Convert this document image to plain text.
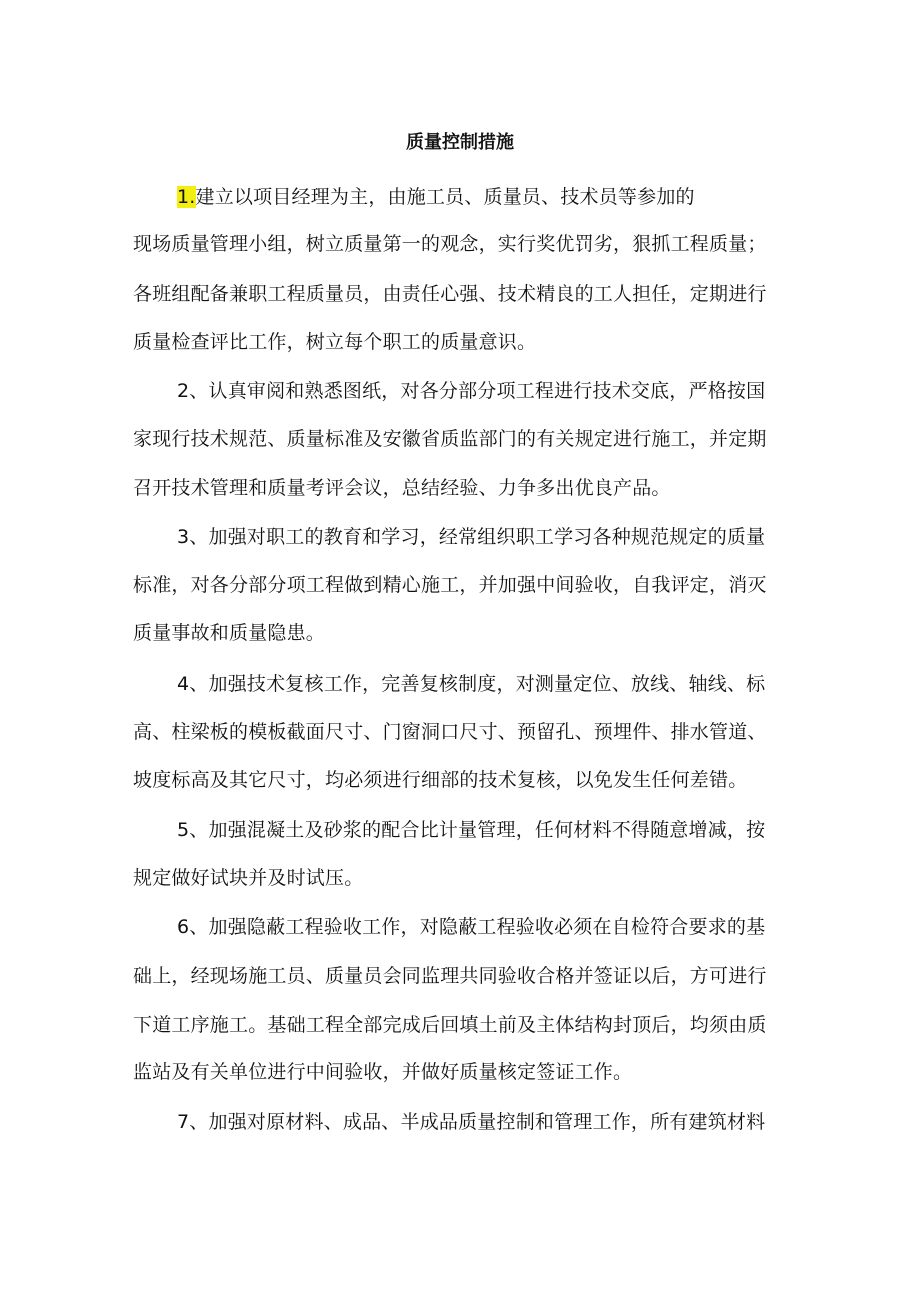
质量控制措施
1.建立以项目经理为主，由施工员、质量员、技术员等参加的
现场质量管理小组，树立质量第一的观念，实行奖优罚劣，狠抓工程质量；
各班组配备兼职工程质量员，由责任心强、技术精良的工人担任，定期进行
质量检查评比工作，树立每个职工的质量意识。
2、认真审阅和熟悉图纸，对各分部分项工程进行技术交底，严格按国
家现行技术规范、质量标准及安徽省质监部门的有关规定进行施工，并定期
召开技术管理和质量考评会议，总结经验、力争多出优良产品。
3、加强对职工的教育和学习，经常组织职工学习各种规范规定的质量
标准，对各分部分项工程做到精心施工，并加强中间验收，自我评定，消灭
质量事故和质量隐患。
4、加强技术复核工作，完善复核制度，对测量定位、放线、轴线、标
高、柱梁板的模板截面尺寸、门窗洞口尺寸、预留孔、预埋件、排水管道、
坡度标高及其它尺寸，均必须进行细部的技术复核，以免发生任何差错。
5、加强混凝土及砂浆的配合比计量管理，任何材料不得随意增减，按
规定做好试块并及时试压。
6、加强隐蔽工程验收工作，对隐蔽工程验收必须在自检符合要求的基
础上，经现场施工员、质量员会同监理共同验收合格并签证以后，方可进行
下道工序施工。基础工程全部完成后回填土前及主体结构封顶后，均须由质
监站及有关单位进行中间验收，并做好质量核定签证工作。
7、加强对原材料、成品、半成品质量控制和管理工作，所有建筑材料
